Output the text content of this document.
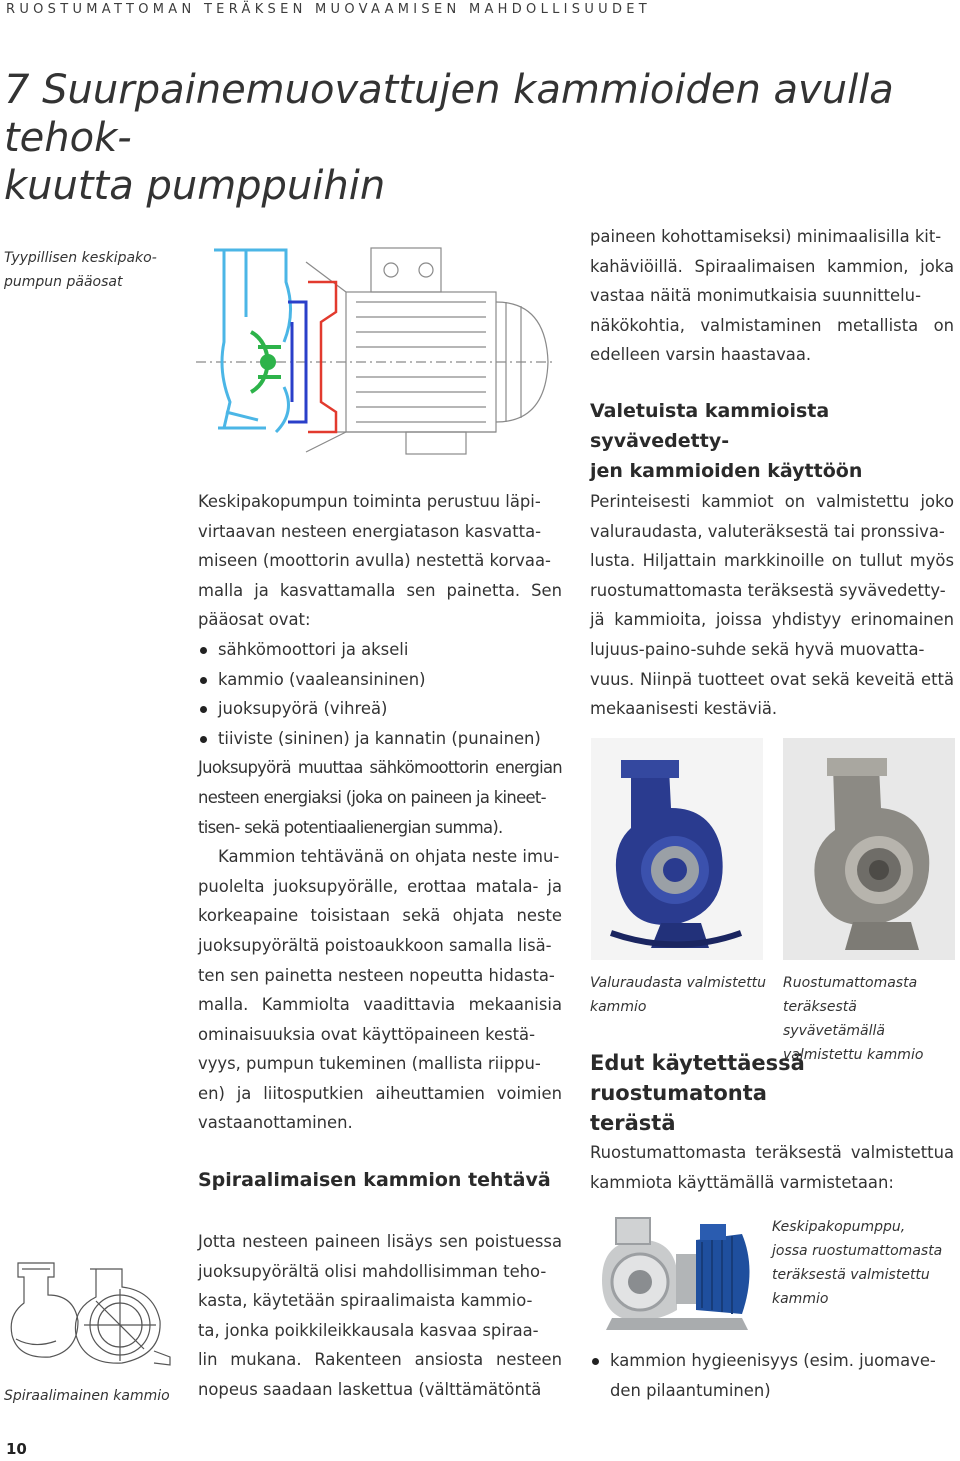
RUOSTUMATTOMAN TERÄKSEN MUOVAAMISEN MAHDOLLISUUDET
7 Suurpainemuovattujen kammioiden avulla tehok-
kuutta pumppuihin
Tyypillisen keskipako-
pumpun pääosat

paineen kohottamiseksi) minimaalisilla kit-
kahäviöillä. Spiraalimaisen kammion, joka vastaa näitä monimutkaisia suunnittelu-
näkökohtia, valmistaminen metallista on edelleen varsin haastavaa.

Valetuista kammioista syvävedetty-
jen kammioiden käyttöön

Keskipakopumpun toiminta perustuu läpi-
virtaavan nesteen energiatason kasvatta-
miseen (moottorin avulla) nestettä korvaa-
malla ja kasvattamalla sen painetta. Sen pääosat ovat:

sähkömoottori ja akseli
kammio (vaaleansininen)
juoksupyörä (vihreä)
tiiviste (sininen) ja kannatin (punainen)

Juoksupyörä muuttaa sähkömoottorin energian nesteen energiaksi (joka on paineen ja kineet-
tisen- sekä potentiaalienergian summa).

Kammion tehtävänä on ohjata neste imu-
puolelta juoksupyörälle, erottaa matala- ja korkeapaine toisistaan sekä ohjata neste juoksupyörältä poistoaukkoon samalla lisä-
ten sen painetta nesteen nopeutta hidasta-
malla. Kammiolta vaadittavia mekaanisia ominaisuuksia ovat käyttöpaineen kestä-
vyys, pumpun tukeminen (mallista riippu-
en) ja liitosputkien aiheuttamien voimien vastaanottaminen.

Spiraalimaisen kammion tehtävä

Jotta nesteen paineen lisäys sen poistuessa juoksupyörältä olisi mahdollisimman teho-
kasta, käytetään spiraalimaista kammio-
ta, jonka poikkileikkausala kasvaa spiraa-
lin mukana. Rakenteen ansiosta nesteen nopeus saadaan laskettua (välttämätöntä

Perinteisesti kammiot on valmistettu joko valuraudasta, valuteräksestä tai pronssiva-
lusta. Hiljattain markkinoille on tullut myös ruostumattomasta teräksestä syvävedetty-
jä kammioita, joissa yhdistyy erinomainen lujuus-paino-suhde sekä hyvä muovatta-
vuus. Niinpä tuotteet ovat sekä keveitä että mekaanisesti kestäviä.

Valuraudasta valmistettu
kammio
Ruostumattomasta
teräksestä syvävetämällä
valmistettu kammio
Edut käytettäessä ruostumatonta
terästä

Ruostumattomasta teräksestä valmistettua kammiota käyttämällä varmistetaan:

Keskipakopumppu,
jossa ruostumattomasta
teräksestä valmistettu
kammio
kammion hygieenisyys (esim. juomave-
den pilaantuminen)
Spiraalimainen kammio
10
